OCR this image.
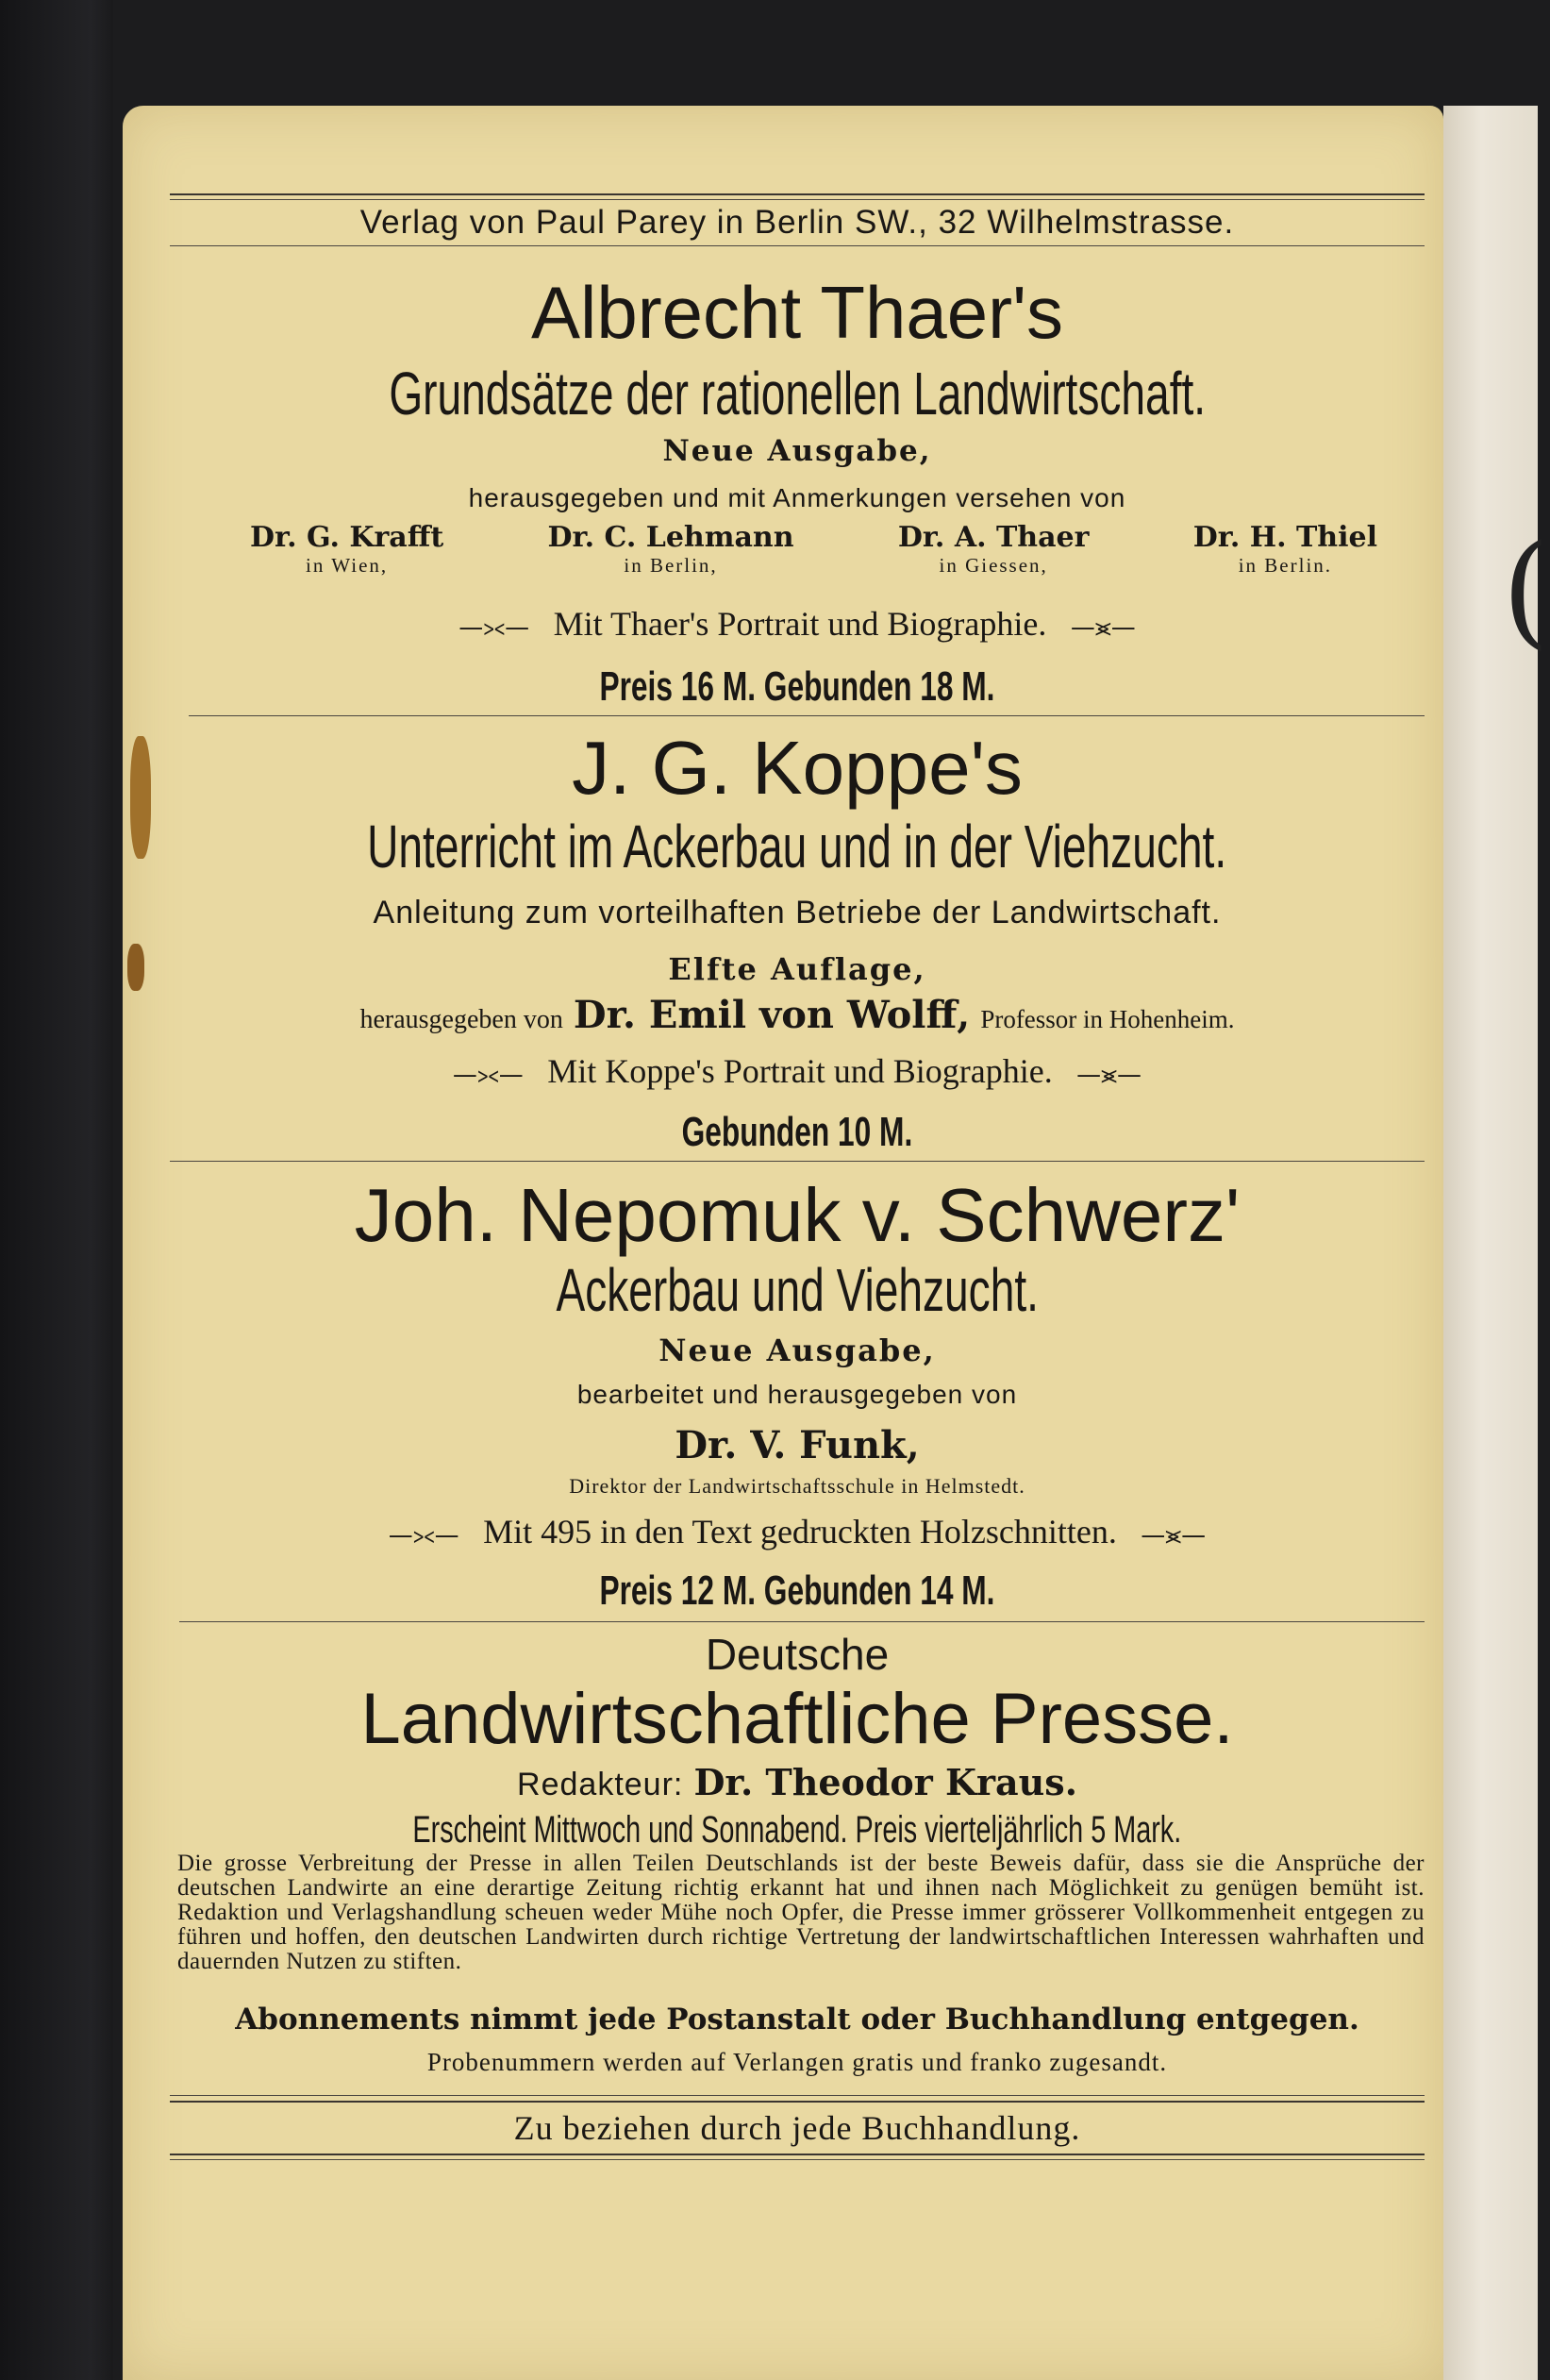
(
Verlag von Paul Parey in Berlin SW., 32 Wilhelmstrasse.
Albrecht Thaer's
Grundsätze der rationellen Landwirtschaft.
Neue Ausgabe,
herausgegeben und mit Anmerkungen versehen von
Dr. G. Krafft
in Wien,
Dr. C. Lehmann
in Berlin,
Dr. A. Thaer
in Giessen,
Dr. H. Thiel
in Berlin.
—⪥— Mit Thaer's Portrait und Biographie. —⪤—
Preis 16 M. Gebunden 18 M.
J. G. Koppe's
Unterricht im Ackerbau und in der Viehzucht.
Anleitung zum vorteilhaften Betriebe der Landwirtschaft.
Elfte Auflage,
herausgegeben von Dr. Emil von Wolff, Professor in Hohenheim.
—⪥— Mit Koppe's Portrait und Biographie. —⪤—
Gebunden 10 M.
Joh. Nepomuk v. Schwerz'
Ackerbau und Viehzucht.
Neue Ausgabe,
bearbeitet und herausgegeben von
Dr. V. Funk,
Direktor der Landwirtschaftsschule in Helmstedt.
—⪥— Mit 495 in den Text gedruckten Holzschnitten. —⪤—
Preis 12 M. Gebunden 14 M.
Deutsche
Landwirtschaftliche Presse.
Redakteur: Dr. Theodor Kraus.
Erscheint Mittwoch und Sonnabend. Preis vierteljährlich 5 Mark.
Die grosse Verbreitung der Presse in allen Teilen Deutschlands ist der beste Beweis dafür, dass sie die Ansprüche der deutschen Landwirte an eine derartige Zeitung richtig erkannt hat und ihnen nach Möglichkeit zu genügen bemüht ist. Redaktion und Verlagshandlung scheuen weder Mühe noch Opfer, die Presse immer grösserer Vollkommenheit entgegen zu führen und hoffen, den deutschen Landwirten durch richtige Vertretung der landwirtschaftlichen Interessen wahrhaften und dauernden Nutzen zu stiften.
Abonnements nimmt jede Postanstalt oder Buchhandlung entgegen.
Probenummern werden auf Verlangen gratis und franko zugesandt.
Zu beziehen durch jede Buchhandlung.
